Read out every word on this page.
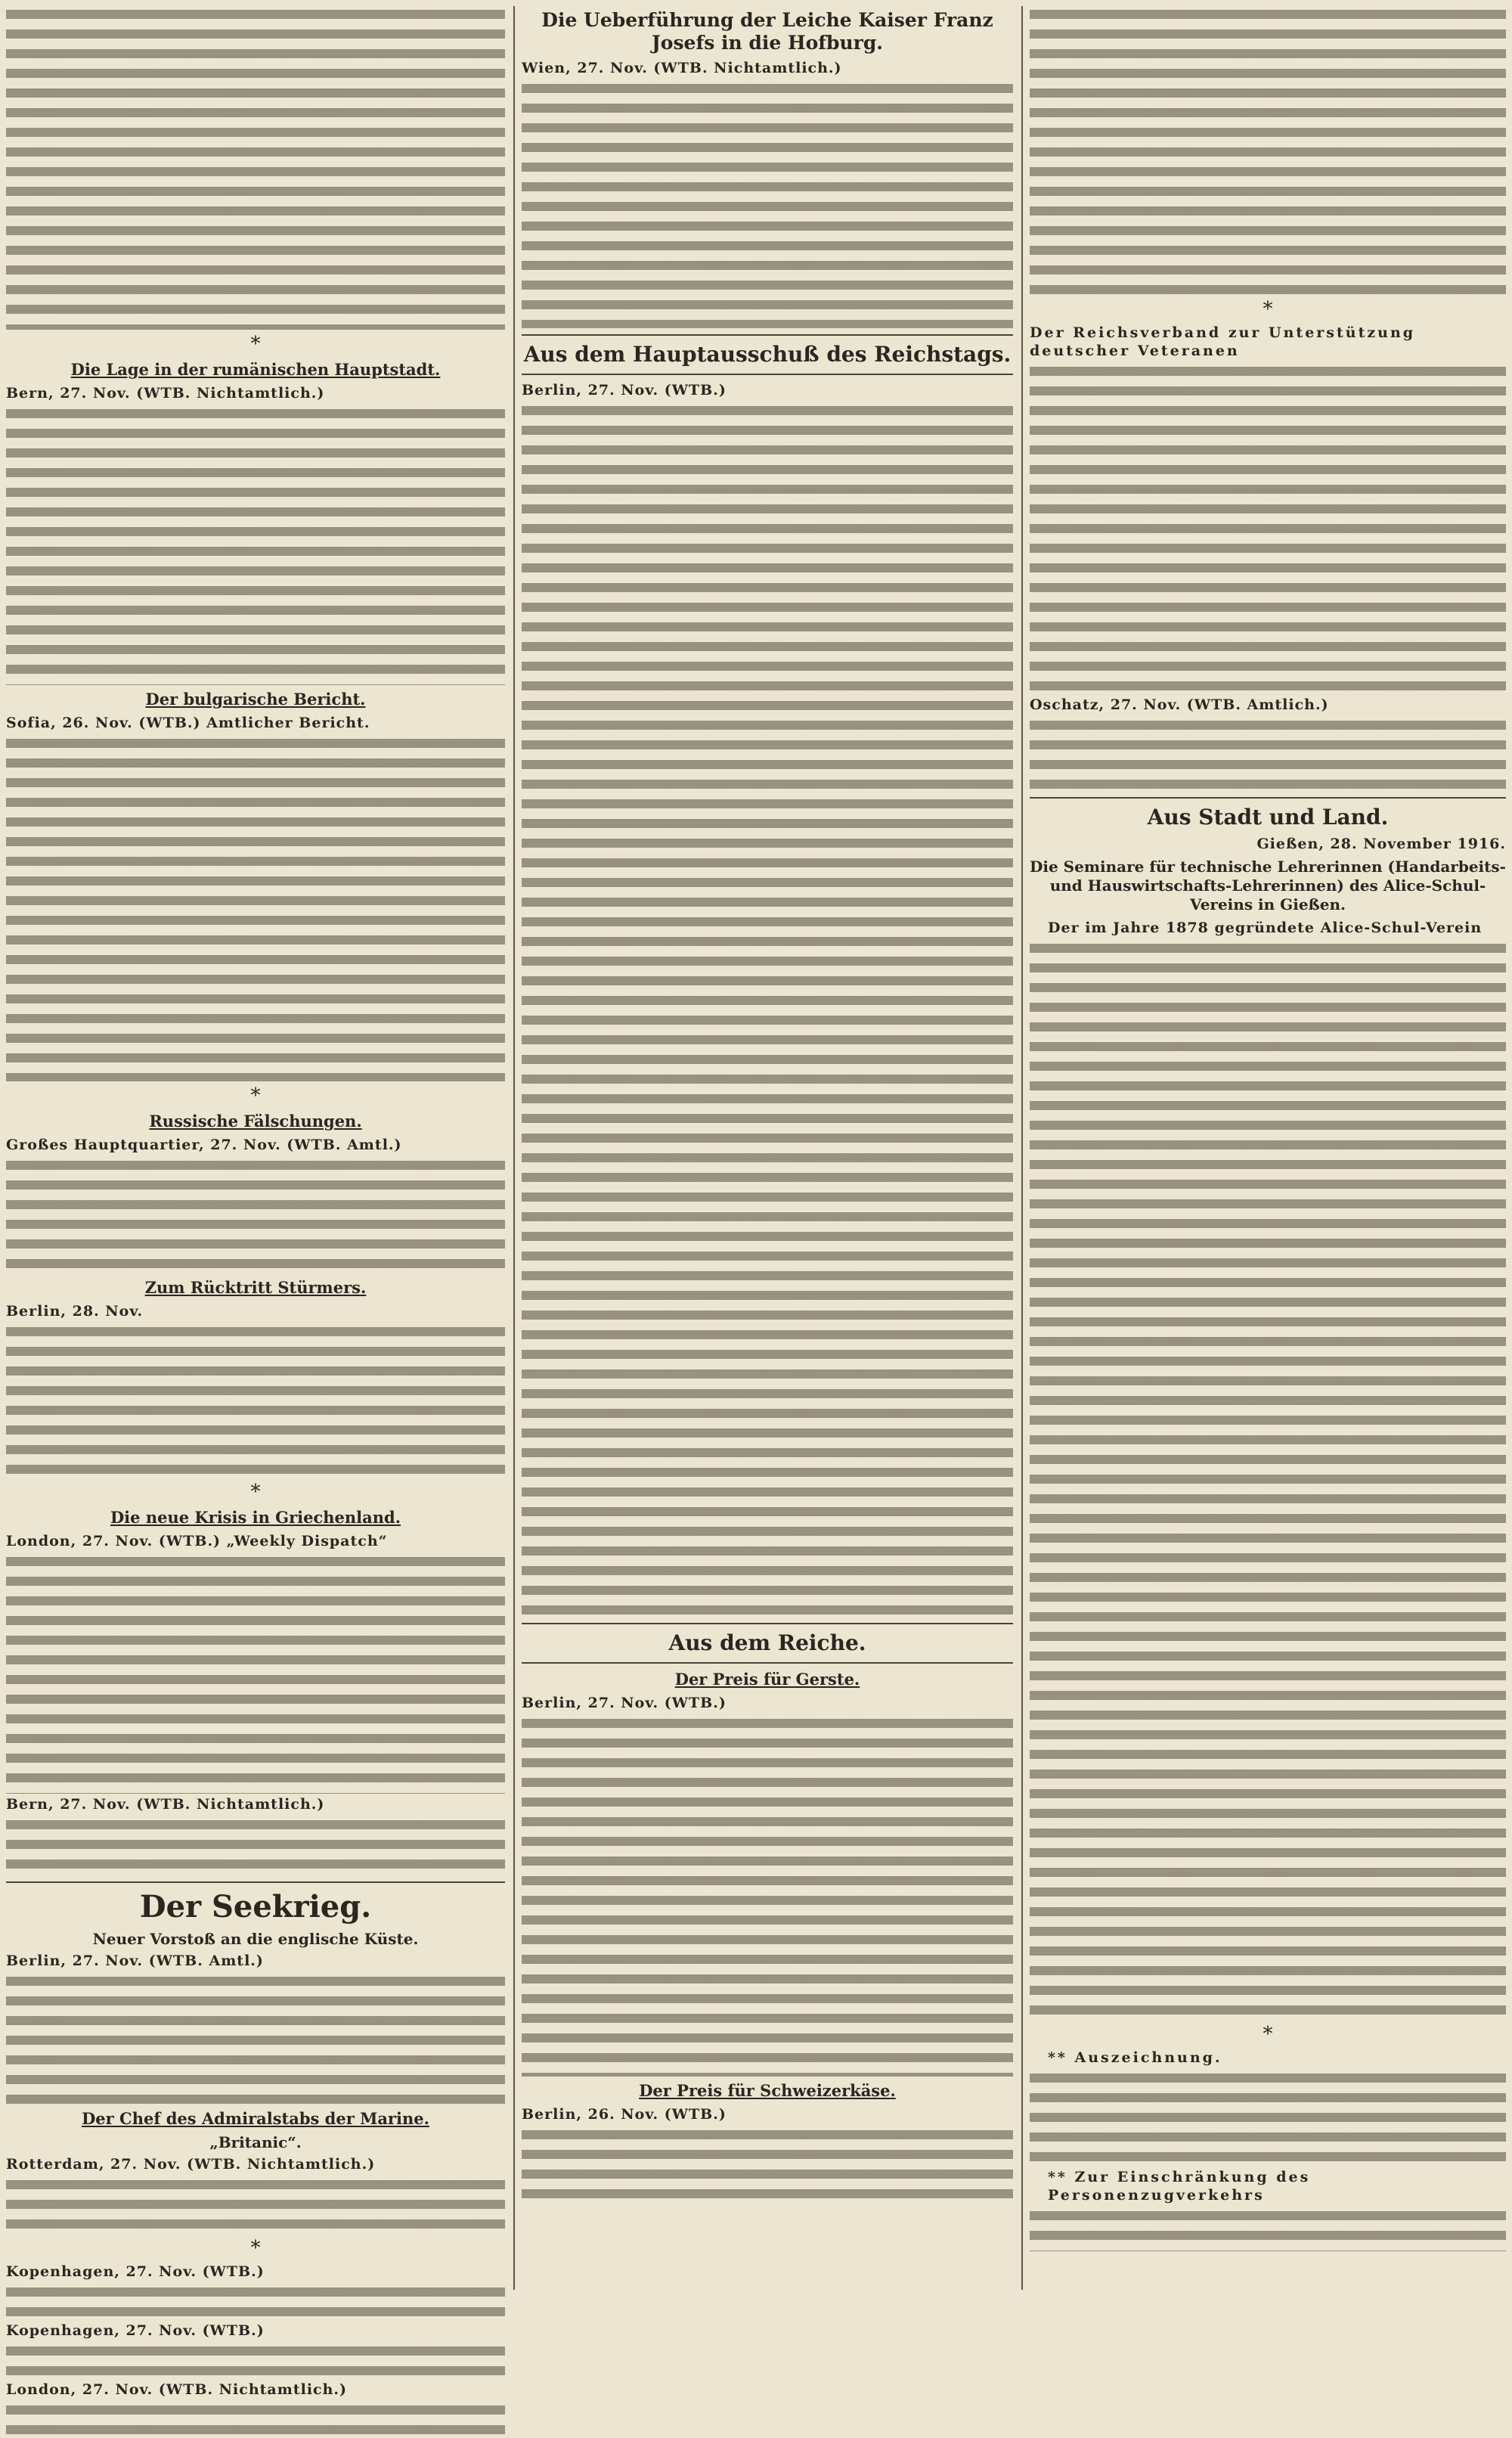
*
Die Lage in der rumänischen Hauptstadt.
Bern, 27. Nov. (WTB. Nichtamtlich.)
Der bulgarische Bericht.
Sofia, 26. Nov. (WTB.) Amtlicher Bericht.
*
Russische Fälschungen.
Großes Hauptquartier, 27. Nov. (WTB. Amtl.)
Zum Rücktritt Stürmers.
Berlin, 28. Nov.
*
Die neue Krisis in Griechenland.
London, 27. Nov. (WTB.) „Weekly Dispatch“
Bern, 27. Nov. (WTB. Nichtamtlich.)
Der Seekrieg.
Neuer Vorstoß an die englische Küste.
Berlin, 27. Nov. (WTB. Amtl.)
Der Chef des Admiralstabs der Marine.
„Britanic“.
Rotterdam, 27. Nov. (WTB. Nichtamtlich.)
*
Kopenhagen, 27. Nov. (WTB.)
Kopenhagen, 27. Nov. (WTB.)
London, 27. Nov. (WTB. Nichtamtlich.)
Die Ueberführung der Leiche Kaiser Franz Josefs in die Hofburg.
Wien, 27. Nov. (WTB. Nichtamtlich.)
Aus dem Hauptausschuß des Reichstags.
Berlin, 27. Nov. (WTB.)
Aus dem Reiche.
Der Preis für Gerste.
Berlin, 27. Nov. (WTB.)
Der Preis für Schweizerkäse.
Berlin, 26. Nov. (WTB.)
*
Der Reichsverband zur Unterstützung deutscher Veteranen
Oschatz, 27. Nov. (WTB. Amtlich.)
Aus Stadt und Land.
Gießen, 28. November 1916.
Die Seminare für technische Lehrerinnen (Handarbeits- und Hauswirtschafts-Lehrerinnen) des Alice-Schul-Vereins in Gießen.
Der im Jahre 1878 gegründete Alice-Schul-Verein
*
** Auszeichnung.
** Zur Einschränkung des Personenzugverkehrs
